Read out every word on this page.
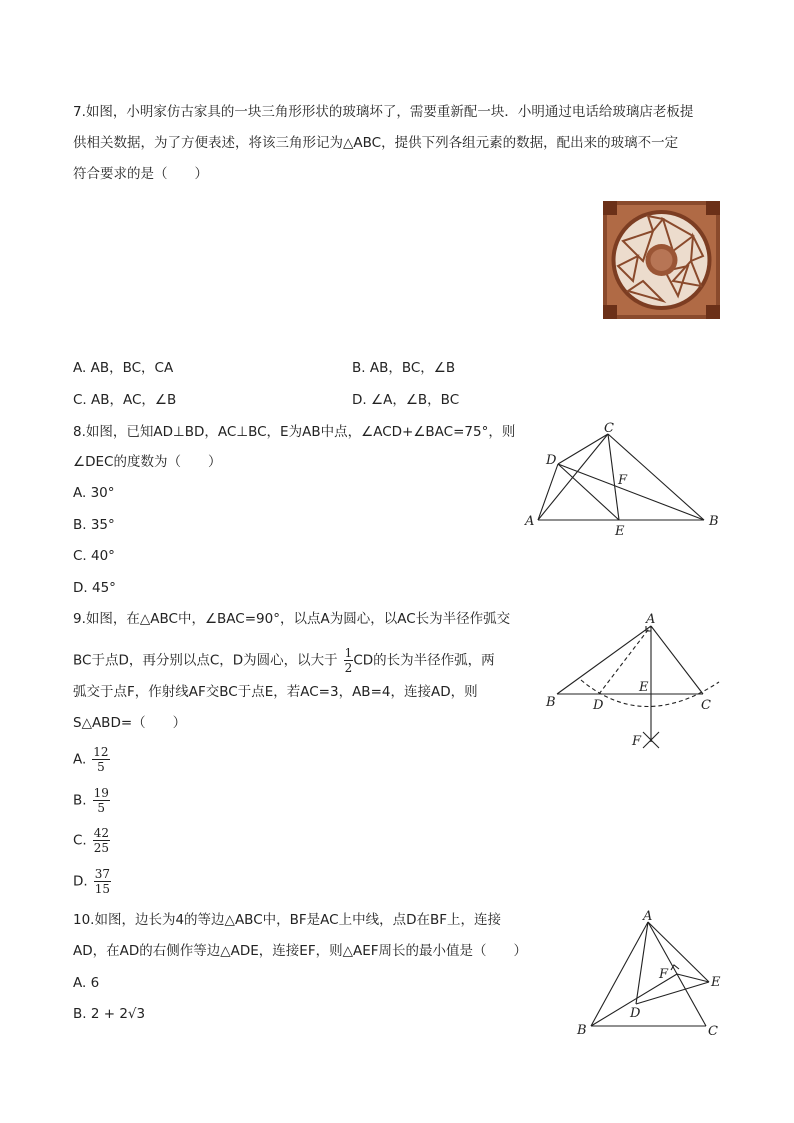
7.如图，小明家仿古家具的一块三角形形状的玻璃坏了，需要重新配一块．小明通过电话给玻璃店老板提
供相关数据，为了方便表述，将该三角形记为△ABC，提供下列各组元素的数据，配出来的玻璃不一定
符合要求的是（　　）
A. AB，BC，CA	B. AB，BC，∠B
C. AB，AC，∠B	D. ∠A，∠B，BC
8.如图，已知AD⊥BD，AC⊥BC，E为AB中点，∠ACD+∠BAC=75°，则
∠DEC的度数为（　　）
A. 30°
B. 35°
C. 40°
D. 45°
C
D
F
A	B
E
9.如图，在△ABC中，∠BAC=90°，以点A为圆心，以AC长为半径作弧交
BC于点D，再分别以点C，D为圆心，以大于 $\frac{1}{2}$ CD的长为半径作弧，两
弧交于点F，作射线AF交BC于点E，若AC=3，AB=4，连接AD，则
S△ABD=（　　）
A. $\frac{12}{5}$
B. $\frac{19}{5}$
C. $\frac{42}{25}$
D. $\frac{37}{15}$
A
E
B	D	C
F
10.如图，边长为4的等边△ABC中，BF是AC上中线，点D在BF上，连接
AD，在AD的右侧作等边△ADE，连接EF，则△AEF周长的最小值是（　　）
A. 6
B. 2 + 2√3
A
F
E
D
B	C
